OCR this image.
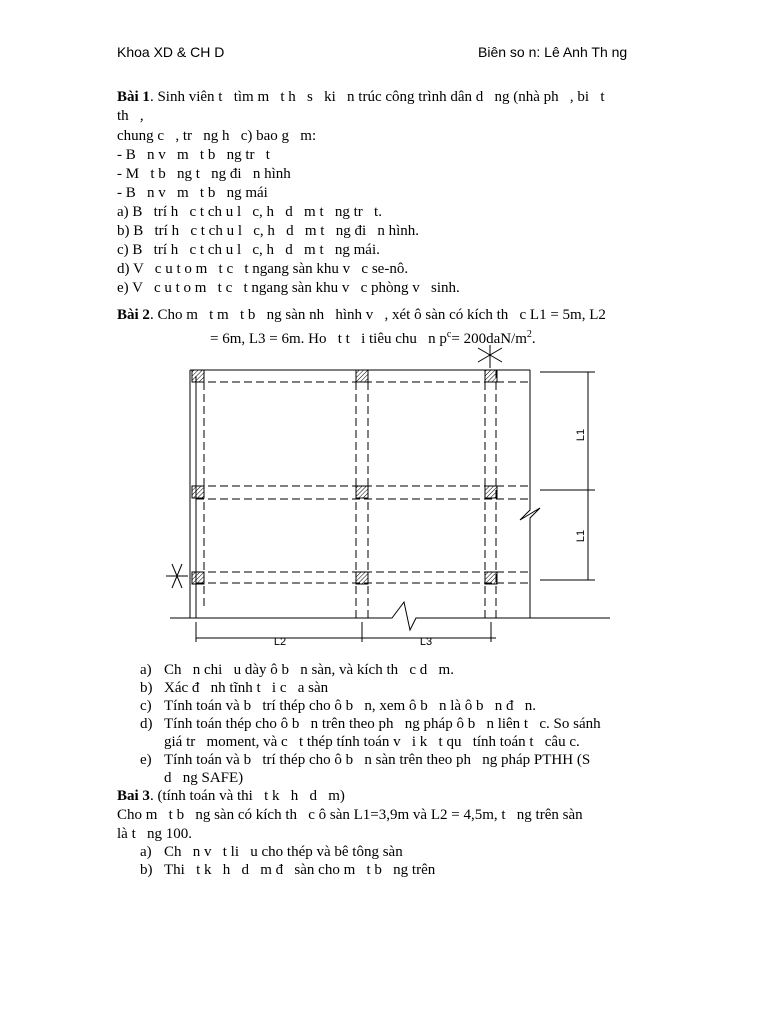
Khoa XD & CH D	Biên so n: Lê Anh Th ng
Bài 1. Sinh viên t   tìm m   t h   s   ki   n trúc công trình dân d   ng (nhà ph   , bi   t
th   ,
chung c   , tr   ng h   c) bao g   m:
- B   n v   m   t b   ng tr   t
- M   t b   ng t   ng đi   n hình
- B   n v   m   t b   ng mái
a) B   trí h   c t ch u l   c, h   d   m t   ng tr   t.
b) B   trí h   c t ch u l   c, h   d   m t   ng đi   n hình.
c) B   trí h   c t ch u l   c, h   d   m t   ng mái.
d) V   c u t o m   t c   t ngang sàn khu v   c se-nô.
e) V   c u t o m   t c   t ngang sàn khu v   c phòng v   sinh.
Bài 2. Cho m   t m   t b   ng sàn nh   hình v   , xét ô sàn có kích th   c L1 = 5m, L2
= 6m, L3 = 6m. Ho   t t   i tiêu chu   n $p^c= 200daN/m^2$.
L1
L1
L2	L3
a) Ch   n chi   u dày ô b   n sàn, và kích th   c d   m.
b) Xác đ   nh tĩnh t   i c   a sàn
c) Tính toán và b   trí thép cho ô b   n, xem ô b   n là ô b   n đ   n.
d) Tính toán thép cho ô b   n trên theo ph   ng pháp ô b   n liên t   c. So sánh
giá tr   moment, và c   t thép tính toán v   i k   t qu   tính toán t   câu c.
e) Tính toán và b   trí thép cho ô b   n sàn trên theo ph   ng pháp PTHH (S
d   ng SAFE)
Bai 3. (tính toán và thi   t k   h   d   m)
Cho m   t b   ng sàn có kích th   c ô sàn L1=3,9m và L2 = 4,5m, t   ng trên sàn
là t   ng 100.
a) Ch   n v   t li   u cho thép và bê tông sàn
b) Thi   t k   h   d   m đ   sàn cho m   t b   ng trên
